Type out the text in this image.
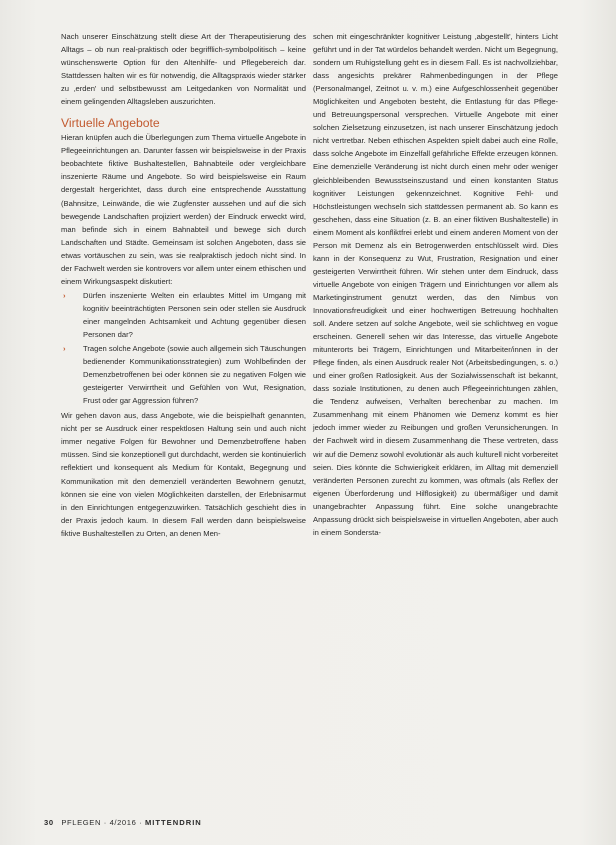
Nach unserer Einschätzung stellt diese Art der Therapeutisierung des Alltags – ob nun real-praktisch oder begrifflich-symbolpolitisch – keine wünschenswerte Option für den Altenhilfe- und Pflegebereich dar. Stattdessen halten wir es für notwendig, die Alltagspraxis wieder stärker zu ‚erden' und selbstbewusst am Leitgedanken von Normalität und einem gelingenden Alltagsleben auszurichten.

Virtuelle Angebote

Hieran knüpfen auch die Überlegungen zum Thema virtuelle Angebote in Pflegeeinrichtungen an. Darunter fassen wir beispielsweise in der Praxis beobachtete fiktive Bushaltestellen, Bahnabteile oder vergleichbare inszenierte Räume und Angebote. So wird beispielsweise ein Raum dergestalt hergerichtet, dass durch eine entsprechende Ausstattung (Bahnsitze, Leinwände, die wie Zugfenster aussehen und auf die sich bewegende Landschaften projiziert werden) der Eindruck erweckt wird, man befinde sich in einem Bahnabteil und bewege sich durch Landschaften und Städte. Gemeinsam ist solchen Angeboten, dass sie etwas vortäuschen zu sein, was sie realpraktisch jedoch nicht sind. In der Fachwelt werden sie kontrovers vor allem unter einem ethischen und einem Wirkungsaspekt diskutiert:

› Dürfen inszenierte Welten ein erlaubtes Mittel im Umgang mit kognitiv beeinträchtigten Personen sein oder stellen sie Ausdruck einer mangelnden Achtsamkeit und Achtung gegenüber diesen Personen dar?
› Tragen solche Angebote (sowie auch allgemein sich Täuschungen bedienender Kommunikationsstrategien) zum Wohlbefinden der Demenzbetroffenen bei oder können sie zu negativen Folgen wie gesteigerter Verwirrtheit und Gefühlen von Wut, Resignation, Frust oder gar Aggression führen?

Wir gehen davon aus, dass Angebote, wie die beispielhaft genannten, nicht per se Ausdruck einer respektlosen Haltung sein und auch nicht immer negative Folgen für Bewohner und Demenzbetroffene haben müssen. Sind sie konzeptionell gut durchdacht, werden sie kontinuierlich reflektiert und konsequent als Medium für Kontakt, Begegnung und Kommunikation mit den demenziell veränderten Bewohnern genutzt, können sie eine von vielen Möglichkeiten darstellen, der Erlebnisarmut in den Einrichtungen entgegenzuwirken. Tatsächlich geschieht dies in der Praxis jedoch kaum. In diesem Fall werden dann beispielsweise fiktive Bushaltestellen zu Orten, an denen Men-

schen mit eingeschränkter kognitiver Leistung ‚abgestellt', hinters Licht geführt und in der Tat würdelos behandelt werden. Nicht um Begegnung, sondern um Ruhigstellung geht es in diesem Fall. Es ist nachvollziehbar, dass angesichts prekärer Rahmenbedingungen in der Pflege (Personalmangel, Zeitnot u. v. m.) eine Aufgeschlossenheit gegenüber Möglichkeiten und Angeboten besteht, die Entlastung für das Pflege- und Betreuungspersonal versprechen. Virtuelle Angebote mit einer solchen Zielsetzung einzusetzen, ist nach unserer Einschätzung jedoch nicht vertretbar. Neben ethischen Aspekten spielt dabei auch eine Rolle, dass solche Angebote im Einzelfall gefährliche Effekte erzeugen können. Eine demenzielle Veränderung ist nicht durch einen mehr oder weniger gleichbleibenden Bewusstseinszustand und einen konstanten Status kognitiver Leistungen gekennzeichnet. Kognitive Fehl- und Höchstleistungen wechseln sich stattdessen permanent ab. So kann es geschehen, dass eine Situation (z. B. an einer fiktiven Bushaltestelle) in einem Moment als konfliktfrei erlebt und einem anderen Moment von der Person mit Demenz als ein Betrogenwerden entschlüsselt wird. Dies kann in der Konsequenz zu Wut, Frustration, Resignation und einer gesteigerten Verwirrtheit führen. Wir stehen unter dem Eindruck, dass virtuelle Angebote von einigen Trägern und Einrichtungen vor allem als Marketinginstrument genutzt werden, das den Nimbus von Innovationsfreudigkeit und einer hochwertigen Betreuung hochhalten soll. Andere setzen auf solche Angebote, weil sie schlichtweg en vogue erscheinen. Generell sehen wir das Interesse, das virtuelle Angebote mitunterorts bei Trägern, Einrichtungen und Mitarbeiter/innen in der Pflege finden, als einen Ausdruck realer Not (Arbeitsbedingungen, s. o.) und einer großen Ratlosigkeit. Aus der Sozialwissenschaft ist bekannt, dass soziale Institutionen, zu denen auch Pflegeeinrichtungen zählen, die Tendenz aufweisen, Verhalten berechenbar zu machen. Im Zusammenhang mit einem Phänomen wie Demenz kommt es hier jedoch immer wieder zu Reibungen und großen Verunsicherungen. In der Fachwelt wird in diesem Zusammenhang die These vertreten, dass wir auf die Demenz sowohl evolutionär als auch kulturell nicht vorbereitet seien. Dies könnte die Schwierigkeit erklären, im Alltag mit demenziell veränderten Personen zurecht zu kommen, was oftmals (als Reflex der eigenen Überforderung und Hilflosigkeit) zu übermäßiger und damit unangebrachter Anpassung führt. Eine solche unangebrachte Anpassung drückt sich beispielsweise in virtuellen Angeboten, aber auch in einem Sondersta-

30 PFLEGEN · 4/2016 · MITTENDRIN
